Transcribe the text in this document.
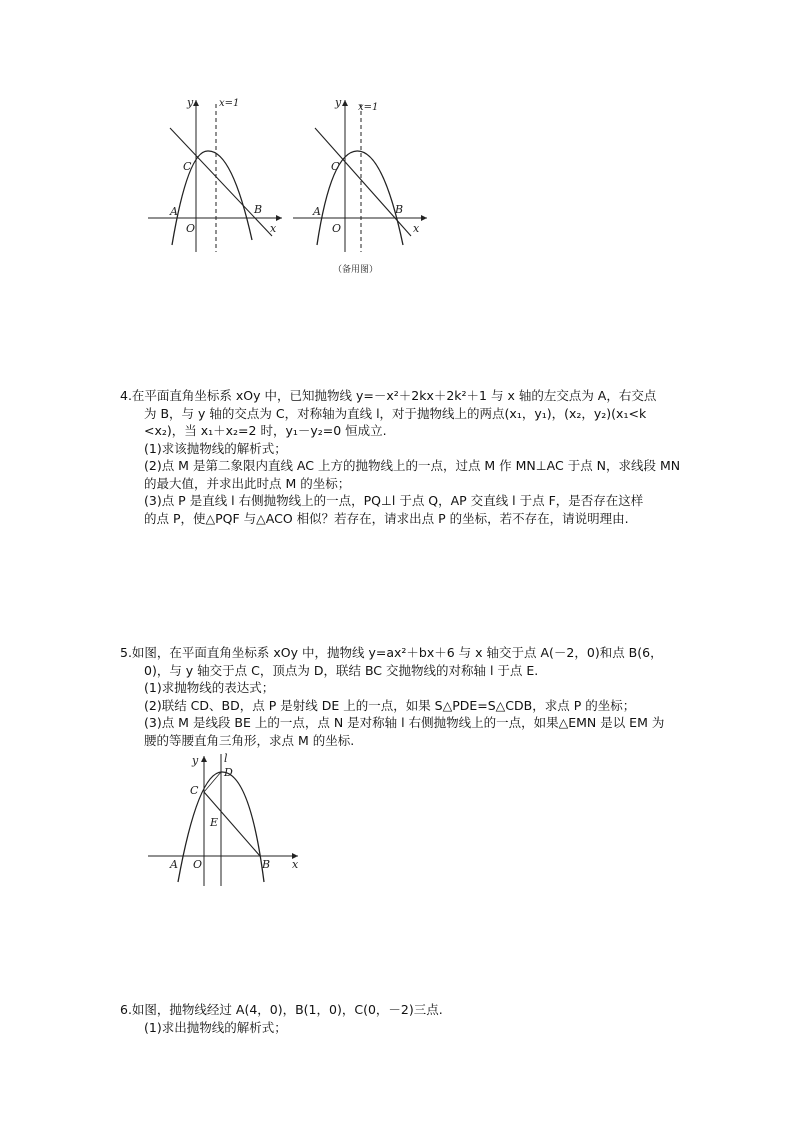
y	x=1
C
A	B
O	x
y x=1
C
A	B
O	x
（备用图）

4.在平面直角坐标系 xOy 中，已知抛物线 y=－x²＋2kx＋2k²＋1 与 x 轴的左交点为 A，右交点

为 B，与 y 轴的交点为 C，对称轴为直线 l，对于抛物线上的两点(x₁，y₁)，(x₂，y₂)(x₁<k

<x₂)，当 x₁＋x₂=2 时，y₁－y₂=0 恒成立.

(1)求该抛物线的解析式；

(2)点 M 是第二象限内直线 AC 上方的抛物线上的一点，过点 M 作 MN⊥AC 于点 N，求线段 MN

的最大值，并求出此时点 M 的坐标；

(3)点 P 是直线 l 右侧抛物线上的一点，PQ⊥l 于点 Q，AP 交直线 l 于点 F，是否存在这样

的点 P，使△PQF 与△ACO 相似？若存在，请求出点 P 的坐标，若不存在，请说明理由.

5.如图，在平面直角坐标系 xOy 中，抛物线 y=ax²＋bx＋6 与 x 轴交于点 A(－2，0)和点 B(6，

0)，与 y 轴交于点 C，顶点为 D，联结 BC 交抛物线的对称轴 l 于点 E.

(1)求抛物线的表达式；

(2)联结 CD、BD，点 P 是射线 DE 上的一点，如果 S△PDE=S△CDB，求点 P 的坐标；

(3)点 M 是线段 BE 上的一点，点 N 是对称轴 l 右侧抛物线上的一点，如果△EMN 是以 EM 为

腰的等腰直角三角形，求点 M 的坐标.

y l
D
C
E
A O	B x

6.如图，抛物线经过 A(4，0)，B(1，0)，C(0，－2)三点.

(1)求出抛物线的解析式；
